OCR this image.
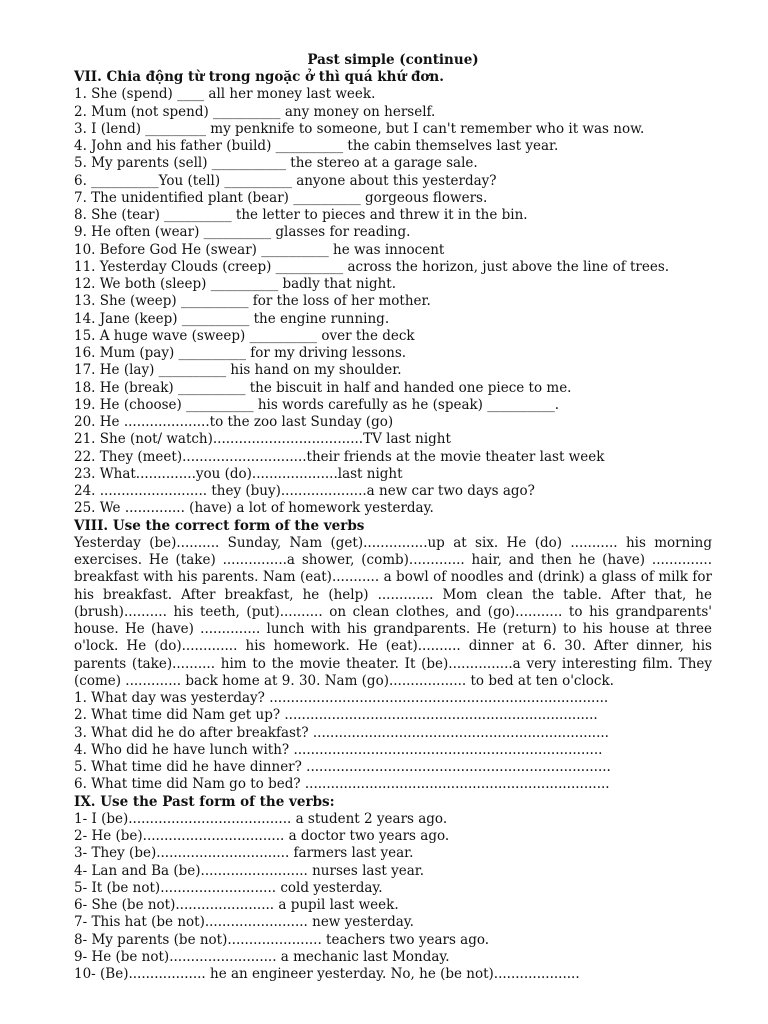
Past simple (continue)
VII. Chia động từ trong ngoặc ở thì quá khứ đơn.
1. She (spend) ____ all her money last week.
2. Mum (not spend) __________ any money on herself.
3. I (lend) _________ my penknife to someone, but I can't remember who it was now.
4. John and his father (build) __________ the cabin themselves last year.
5. My parents (sell) ___________ the stereo at a garage sale.
6. __________You (tell) __________ anyone about this yesterday?
7. The unidentified plant (bear) __________ gorgeous flowers.
8. She (tear) __________ the letter to pieces and threw it in the bin.
9. He often (wear) __________ glasses for reading.
10. Before God He (swear) __________ he was innocent
11. Yesterday Clouds (creep) __________ across the horizon, just above the line of trees.
12. We both (sleep) __________ badly that night.
13. She (weep) __________ for the loss of her mother.
14. Jane (keep) __________ the engine running.
15. A huge wave (sweep) __________ over the deck
16. Mum (pay) __________ for my driving lessons.
17. He (lay) __________ his hand on my shoulder.
18. He (break) __________ the biscuit in half and handed one piece to me.
19. He (choose) __________ his words carefully as he (speak) __________.
20. He ....................to the zoo last Sunday (go)
21. She (not/ watch)...................................TV last night
22. They (meet).............................their friends at the movie theater last week
23. What..............you (do)....................last night
24. ......................... they (buy)....................a new car two days ago?
25. We .............. (have) a lot of homework yesterday.
VIII. Use the correct form of the verbs

Yesterday (be).......... Sunday, Nam (get)...............up at six. He (do) ........... his morning exercises. He (take) ...............a shower, (comb)............. hair, and then he (have) .............. breakfast with his parents. Nam (eat)........... a bowl of noodles and (drink) a glass of milk for his breakfast. After breakfast, he (help) ............. Mom clean the table. After that, he (brush).......... his teeth, (put).......... on clean clothes, and (go)........... to his grandparents' house. He (have) .............. lunch with his grandparents. He (return) to his house at three o'lock. He (do)............. his homework. He (eat).......... dinner at 6. 30. After dinner, his parents (take).......... him to the movie theater. It (be)...............a very interesting film. They (come) ............. back home at 9. 30. Nam (go).................. to bed at ten o'clock.

1. What day was yesterday? ...............................................................................
2. What time did Nam get up? .........................................................................
3. What did he do after breakfast? .....................................................................
4. Who did he have lunch with? ........................................................................
5. What time did he have dinner? .......................................................................
6. What time did Nam go to bed? .......................................................................
IX. Use the Past form of the verbs:
1- I (be)...................................... a student 2 years ago.
2- He (be)................................. a doctor two years ago.
3- They (be)............................... farmers last year.
4- Lan and Ba (be)......................... nurses last year.
5- It (be not)........................... cold yesterday.
6- She (be not)....................... a pupil last week.
7- This hat (be not)........................ new yesterday.
8- My parents (be not)...................... teachers two years ago.
9- He (be not)......................... a mechanic last Monday.
10- (Be).................. he an engineer yesterday. No, he (be not)....................
